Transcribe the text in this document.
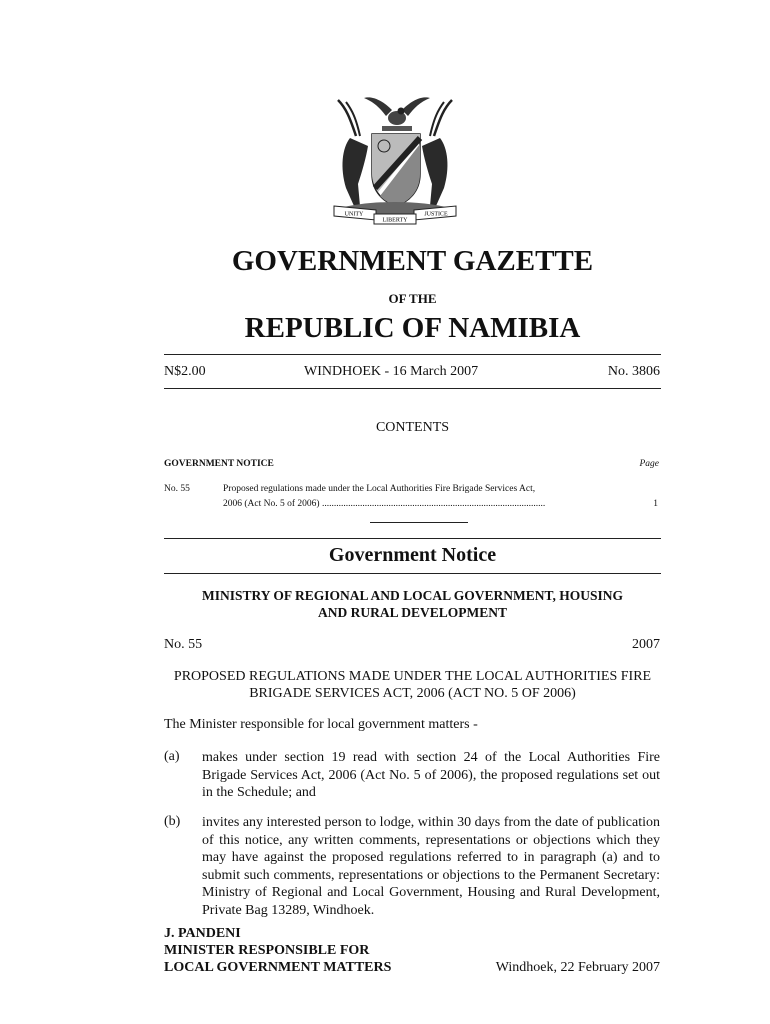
UNITY
LIBERTY
JUSTICE
GOVERNMENT GAZETTE
OF THE
REPUBLIC OF NAMIBIA
N$2.00	WINDHOEK - 16 March 2007	No. 3806
CONTENTS
GOVERNMENT NOTICE	Page
No. 55	Proposed regulations made under the Local Authorities Fire Brigade Services Act,
2006 (Act No. 5 of 2006) ..............................................................................................	1
Government Notice
MINISTRY OF REGIONAL AND LOCAL GOVERNMENT, HOUSING
AND RURAL DEVELOPMENT
No. 55	2007
PROPOSED REGULATIONS MADE UNDER THE LOCAL AUTHORITIES FIRE
BRIGADE SERVICES ACT, 2006 (ACT NO. 5 OF 2006)
The Minister responsible for local government matters -
(a) makes under section 19 read with section 24 of the Local Authorities Fire Brigade Services Act, 2006 (Act No. 5 of 2006), the proposed regulations set out in the Schedule; and
(b) invites any interested person to lodge, within 30 days from the date of publication of this notice, any written comments, representations or objections which they may have against the proposed regulations referred to in paragraph (a) and to submit such comments, representations or objections to the Permanent Secretary: Ministry of Regional and Local Government, Housing and Rural Development, Private Bag 13289, Windhoek.
J. PANDENI
MINISTER RESPONSIBLE FOR
LOCAL GOVERNMENT MATTERS	Windhoek, 22 February 2007
